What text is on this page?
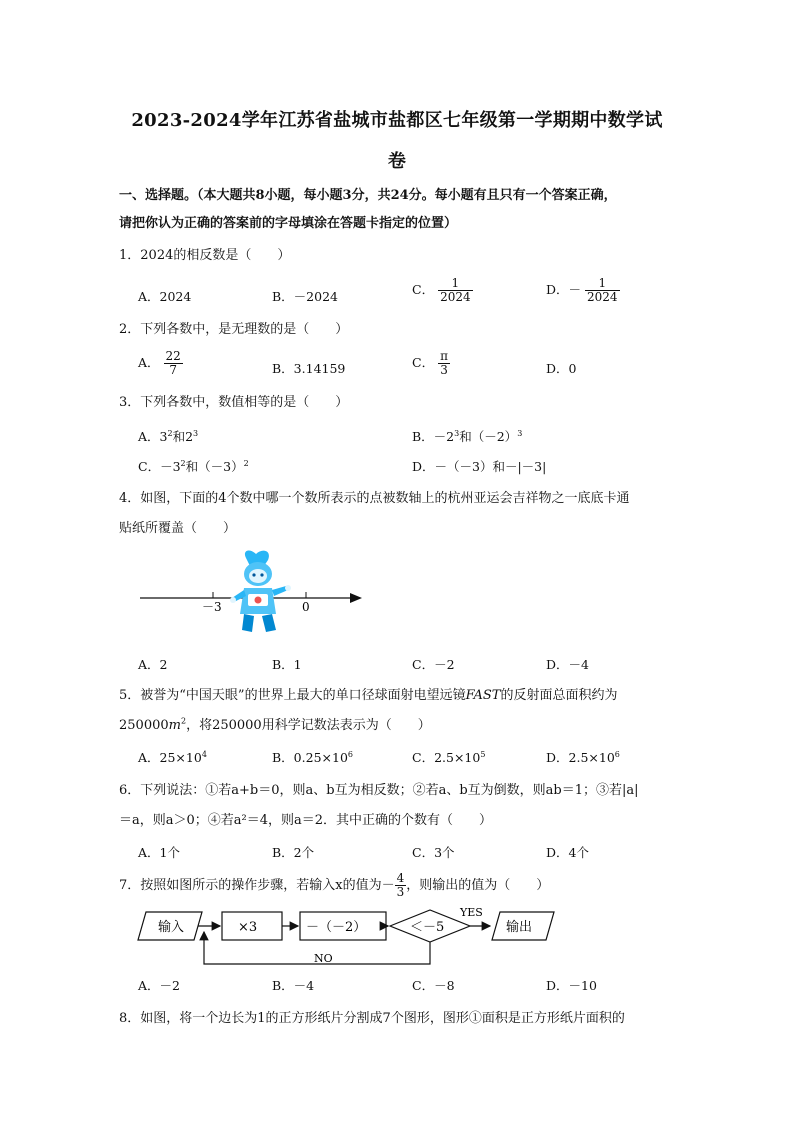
2023-2024学年江苏省盐城市盐都区七年级第一学期期中数学试
卷
一、选择题。（本大题共8小题，每小题3分，共24分。每小题有且只有一个答案正确，
请把你认为正确的答案前的字母填涂在答题卡指定的位置）
1．2024的相反数是（　　）
A．2024	B．－2024	C． $\frac{1}{2024}$	D．－ $\frac{1}{2024}$
2．下列各数中，是无理数的是（　　）
A． $\frac{22}{7}$	B．3.14159	C． $\frac{\pi}{3}$	D．0
3．下列各数中，数值相等的是（　　）
A．$3^2$和$2^3$	B．$-2^3$和$(-2)^3$
C．$-3^2$和$(-3)^2$	D．－（－3）和－|－3|
4．如图，下面的4个数中哪一个数所表示的点被数轴上的杭州亚运会吉祥物之一底底卡通
贴纸所覆盖（　　）
－3	0
A．2	B．1	C．－2	D．－4
5．被誉为“中国天眼”的世界上最大的单口径球面射电望远镜FAST的反射面总面积约为
$250000m^2$，将250000用科学记数法表示为（　　）
A．$25\times 10^4$	B．$0.25\times 10^6$	C．$2.5\times 10^5$	D．$2.5\times 10^6$
6．下列说法：①若a+b＝0，则a、b互为相反数；②若a、b互为倒数，则ab＝1；③若|a|
＝a，则a＞0；④若a²＝4，则a＝2．其中正确的个数有（　　）
A．1个	B．2个	C．3个	D．4个
7．按照如图所示的操作步骤，若输入x的值为－ $\frac{4}{3}$ ，则输出的值为（　　）
输入	×3	－（－2）	＜－5
YES
输出
NO
A．－2	B．－4	C．－8	D．－10
8．如图，将一个边长为1的正方形纸片分割成7个图形，图形①面积是正方形纸片面积的
